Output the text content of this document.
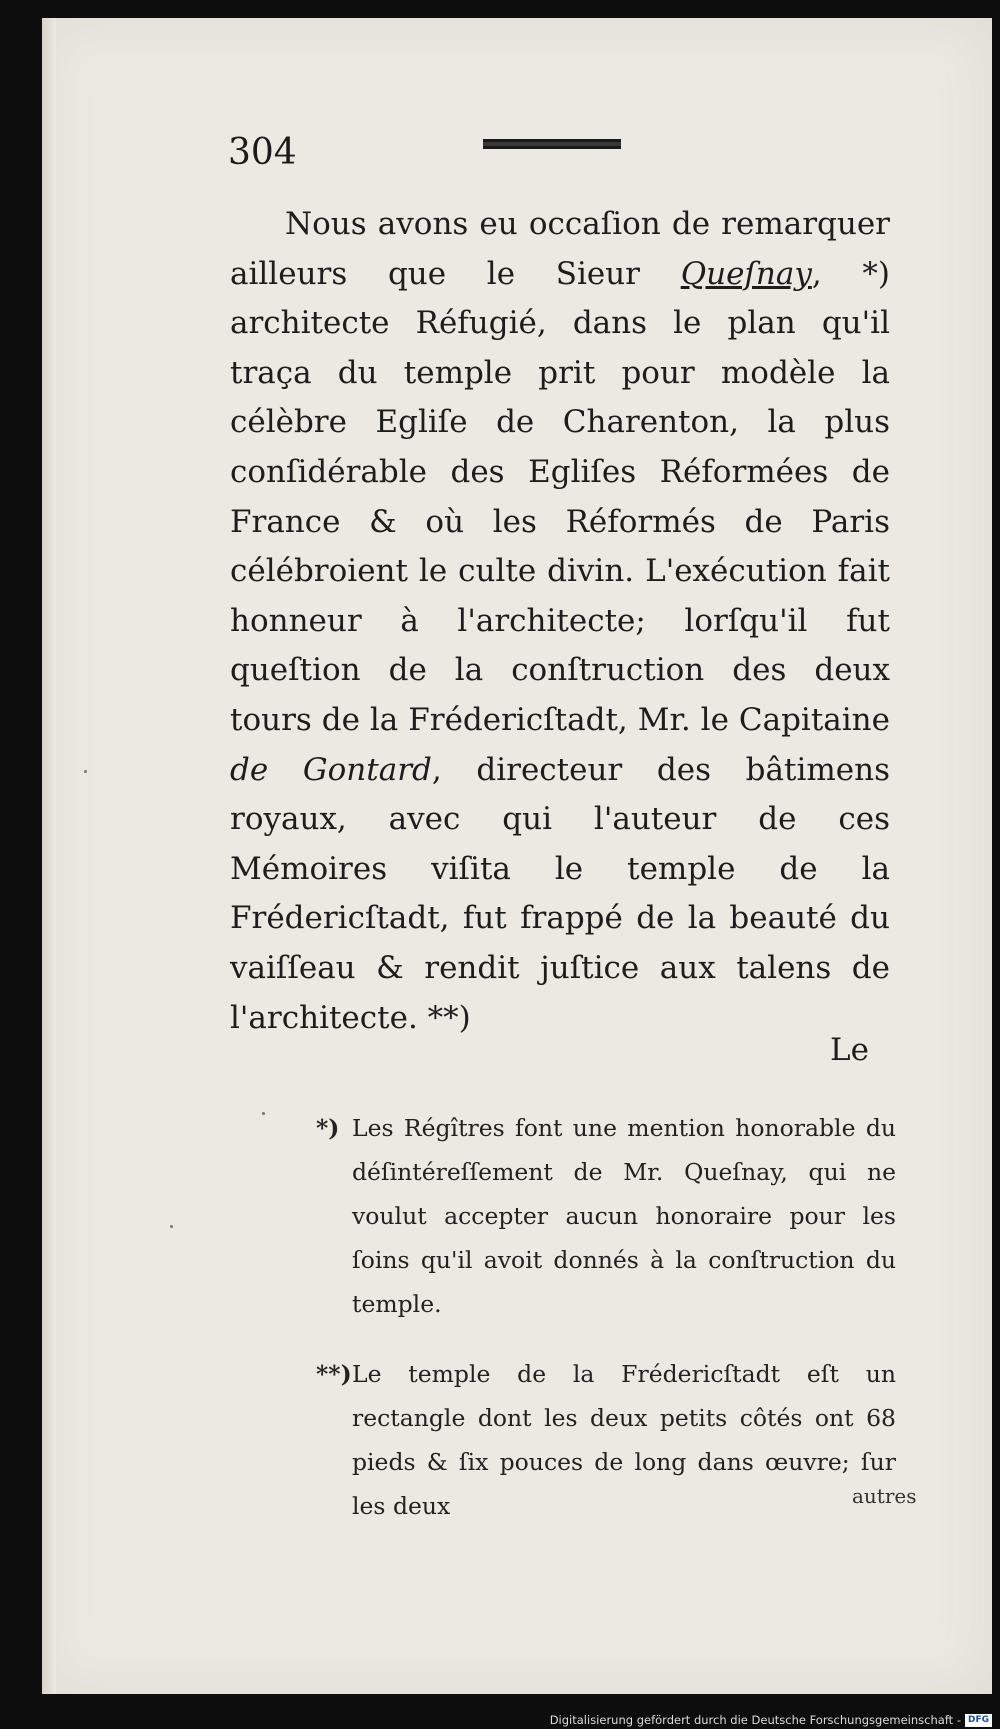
304
Nous avons eu occaſion de remarquer ailleurs que le Sieur Queſnay, *) architecte Réfugié, dans le plan qu'il traça du temple prit pour modèle la célèbre Egliſe de Charenton, la plus conſidérable des Egliſes Réformées de France & où les Réformés de Paris célébroient le culte divin. L'exécution fait honneur à l'architecte; lorſqu'il fut queſtion de la conſtruction des deux tours de la Frédericſtadt, Mr. le Capitaine de Gontard, directeur des bâtimens royaux, avec qui l'auteur de ces Mémoires viſita le temple de la Frédericſtadt, fut frappé de la beauté du vaiſſeau & rendit juſtice aux talens de l'architecte. **)
Le
*) Les Régîtres font une mention honorable du déſintéreſſement de Mr. Queſnay, qui ne voulut accepter aucun honoraire pour les ſoins qu'il avoit donnés à la conſtruction du temple.
**) Le temple de la Frédericſtadt eſt un rectangle dont les deux petits côtés ont 68 pieds & ſix pouces de long dans œuvre; ſur les deux	autres
Digitalisierung gefördert durch die Deutsche Forschungsgemeinschaft - DFG
